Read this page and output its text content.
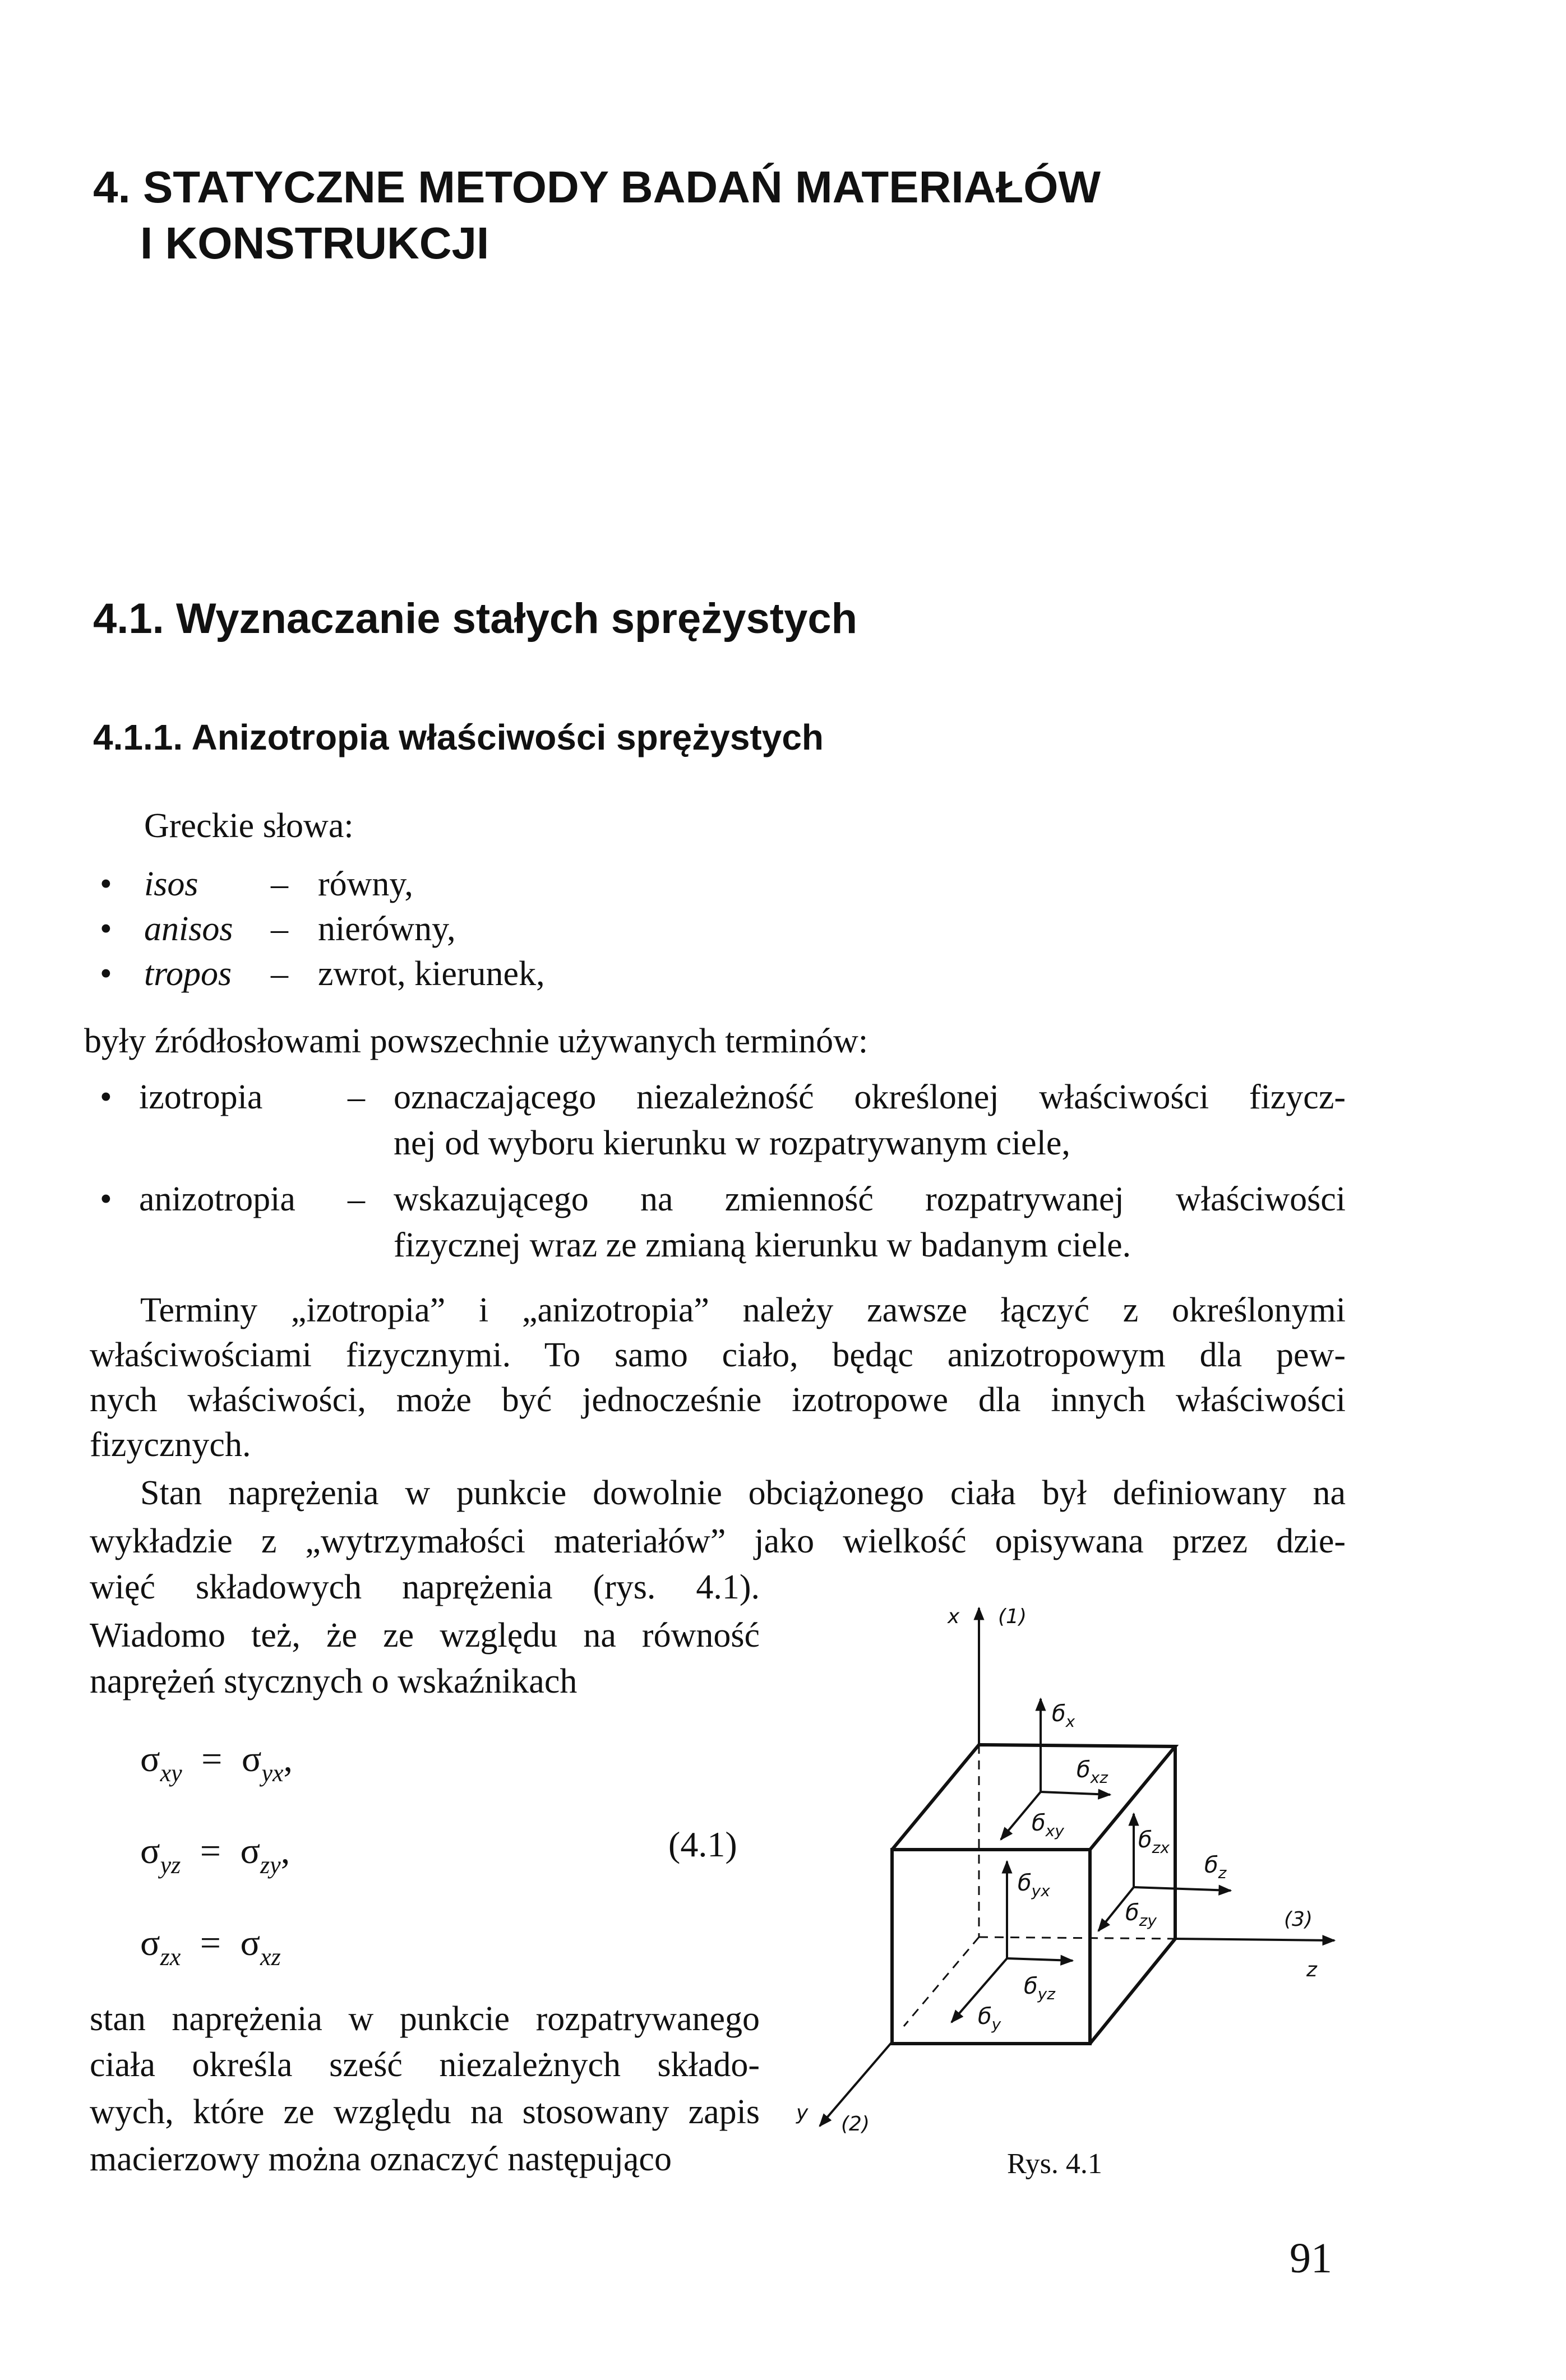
4. STATYCZNE METODY BADAŃ MATERIAŁÓW
I KONSTRUKCJI
4.1. Wyznaczanie stałych sprężystych
4.1.1. Anizotropia właściwości sprężystych
Greckie słowa:
• isos – równy,
• anisos – nierówny,
• tropos – zwrot, kierunek,
były źródłosłowami powszechnie używanych terminów:
• izotropia – oznaczającego niezależność określonej właściwości fizycz-
nej od wyboru kierunku w rozpatrywanym ciele,
• anizotropia – wskazującego na zmienność rozpatrywanej właściwości
fizycznej wraz ze zmianą kierunku w badanym ciele.
Terminy „izotropia” i „anizotropia” należy zawsze łączyć z określonymi
właściwościami fizycznymi. To samo ciało, będąc anizotropowym dla pew-
nych właściwości, może być jednocześnie izotropowe dla innych właściwości
fizycznych.
Stan naprężenia w punkcie dowolnie obciążonego ciała był definiowany na
wykładzie z „wytrzymałości materiałów” jako wielkość opisywana przez dzie-
więć składowych naprężenia (rys. 4.1).
Wiadomo też, że ze względu na równość
naprężeń stycznych o wskaźnikach
$\sigma_{xy} = \sigma_{yx}$,
$\sigma_{yz} = \sigma_{zy}$,
$\sigma_{zx} = \sigma_{xz}$
(4.1)
stan naprężenia w punkcie rozpatrywanego
ciała określa sześć niezależnych składo-
wych, które ze względu na stosowany zapis
macierzowy można oznaczyć następująco
x (1)
y (2)
z
(3)
$б_x$
$б_{xz}$
$б_{xy}$	$б_{zx}$
$б_z$
$б_{yx}$
$б_{zy}$
$б_{yz}$
$б_y$
Rys. 4.1
91
